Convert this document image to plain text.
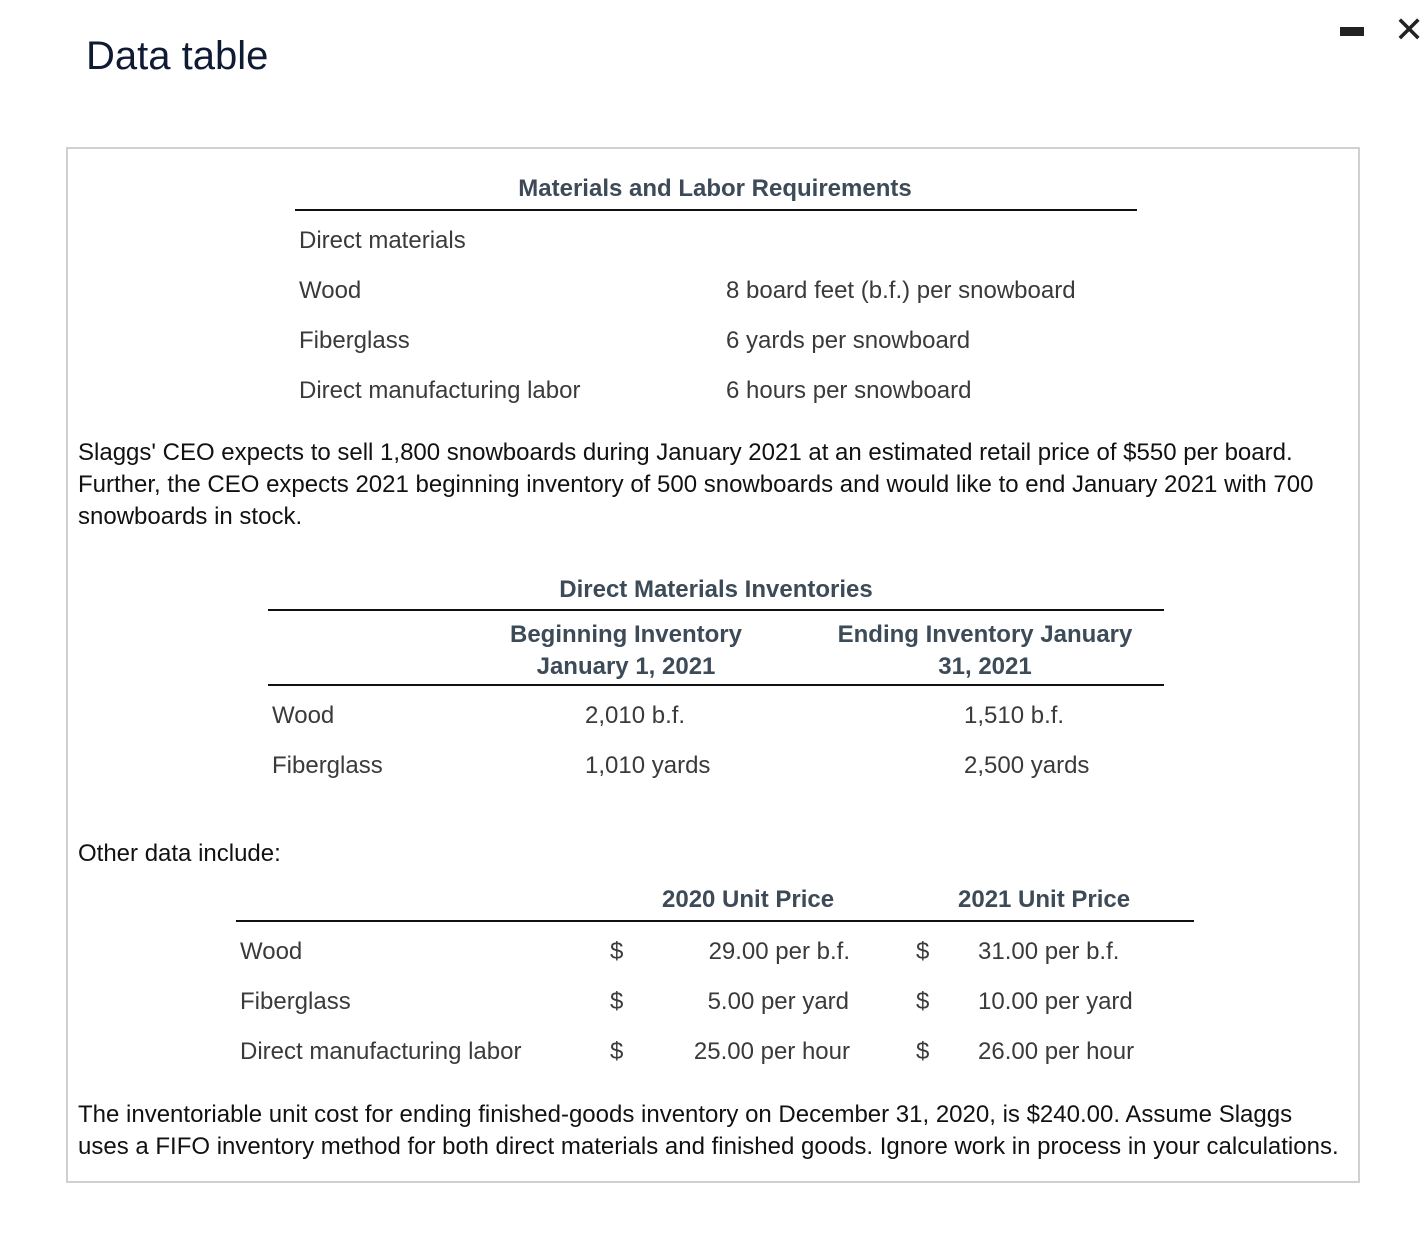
Data table
✕
Materials and Labor Requirements
Direct materials
Wood	8 board feet (b.f.) per snowboard
Fiberglass	6 yards per snowboard
Direct manufacturing labor	6 hours per snowboard
Slaggs' CEO expects to sell 1,800 snowboards during January 2021 at an estimated retail price of $550 per board. Further, the CEO expects 2021 beginning inventory of 500 snowboards and would like to end January 2021 with 700 snowboards in stock.
Direct Materials Inventories
Beginning Inventory
January 1, 2021
Ending Inventory January
31, 2021
Wood	2,010 b.f.	1,510 b.f.
Fiberglass	1,010 yards	2,500 yards
Other data include:
2020 Unit Price	2021 Unit Price
Wood	$	29.00 per b.f.	$ 31.00 per b.f.
Fiberglass	$	5.00 per yard	$ 10.00 per yard
Direct manufacturing labor	$	25.00 per hour	$ 26.00 per hour
The inventoriable unit cost for ending finished-goods inventory on December 31, 2020, is $240.00. Assume Slaggs uses a FIFO inventory method for both direct materials and finished goods. Ignore work in process in your calculations.
